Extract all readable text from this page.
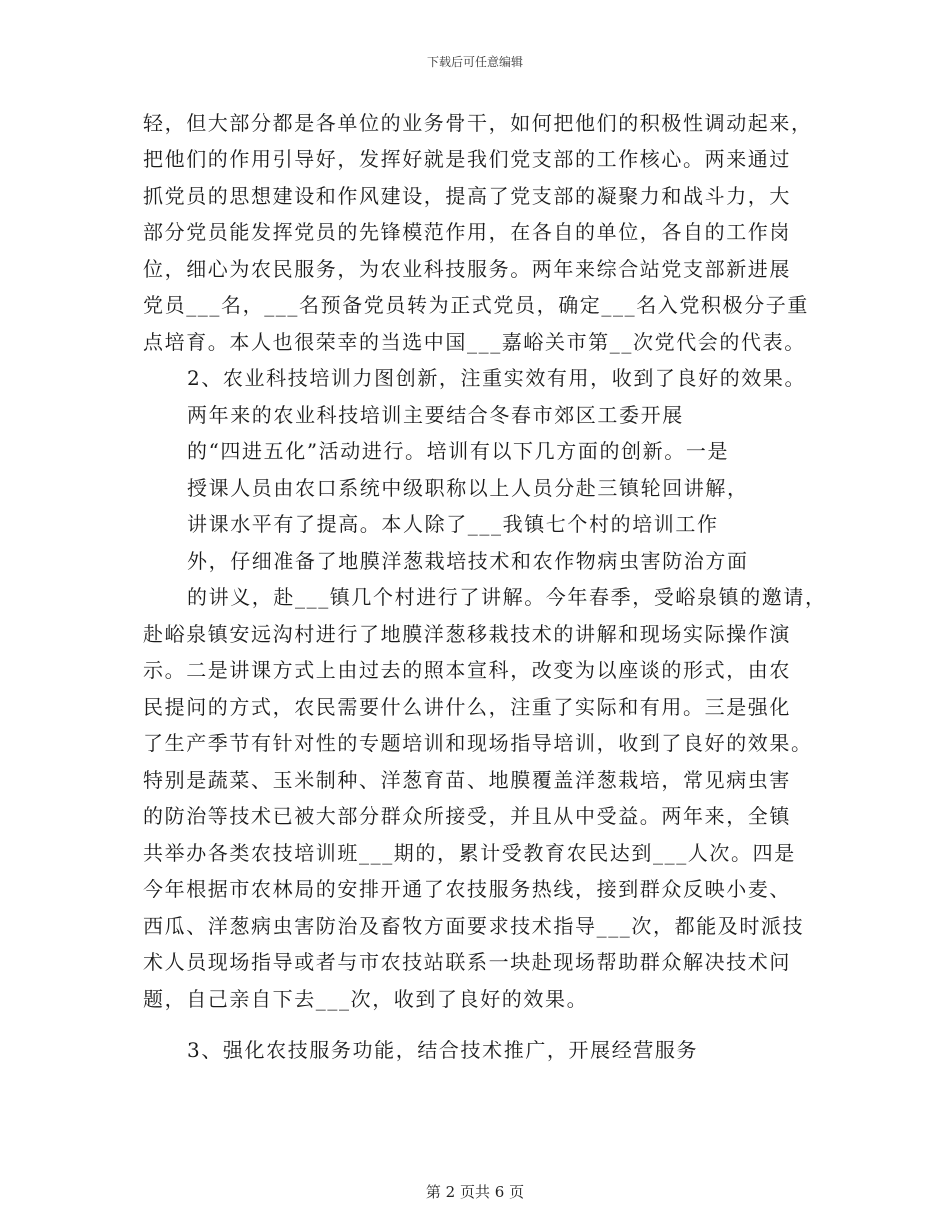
下载后可任意编辑
轻，但大部分都是各单位的业务骨干，如何把他们的积极性调动起来，
把他们的作用引导好，发挥好就是我们党支部的工作核心。两来通过
抓党员的思想建设和作风建设，提高了党支部的凝聚力和战斗力，大
部分党员能发挥党员的先锋模范作用，在各自的单位，各自的工作岗
位，细心为农民服务，为农业科技服务。两年来综合站党支部新进展
党员___名，___名预备党员转为正式党员，确定___名入党积极分子重
点培育。本人也很荣幸的当选中国___嘉峪关市第__次党代会的代表。
2、农业科技培训力图创新，注重实效有用，收到了良好的效果。
两年来的农业科技培训主要结合冬春市郊区工委开展
的“四进五化”活动进行。培训有以下几方面的创新。一是
授课人员由农口系统中级职称以上人员分赴三镇轮回讲解，
讲课水平有了提高。本人除了___我镇七个村的培训工作
外，仔细准备了地膜洋葱栽培技术和农作物病虫害防治方面
的讲义，赴___镇几个村进行了讲解。今年春季，受峪泉镇的邀请，
赴峪泉镇安远沟村进行了地膜洋葱移栽技术的讲解和现场实际操作演
示。二是讲课方式上由过去的照本宣科，改变为以座谈的形式，由农
民提问的方式，农民需要什么讲什么，注重了实际和有用。三是强化
了生产季节有针对性的专题培训和现场指导培训，收到了良好的效果。
特别是蔬菜、玉米制种、洋葱育苗、地膜覆盖洋葱栽培，常见病虫害
的防治等技术已被大部分群众所接受，并且从中受益。两年来，全镇
共举办各类农技培训班___期的，累计受教育农民达到___人次。四是
今年根据市农林局的安排开通了农技服务热线，接到群众反映小麦、
西瓜、洋葱病虫害防治及畜牧方面要求技术指导___次，都能及时派技
术人员现场指导或者与市农技站联系一块赴现场帮助群众解决技术问
题，自己亲自下去___次，收到了良好的效果。
3、强化农技服务功能，结合技术推广，开展经营服务
第 2 页共 6 页
